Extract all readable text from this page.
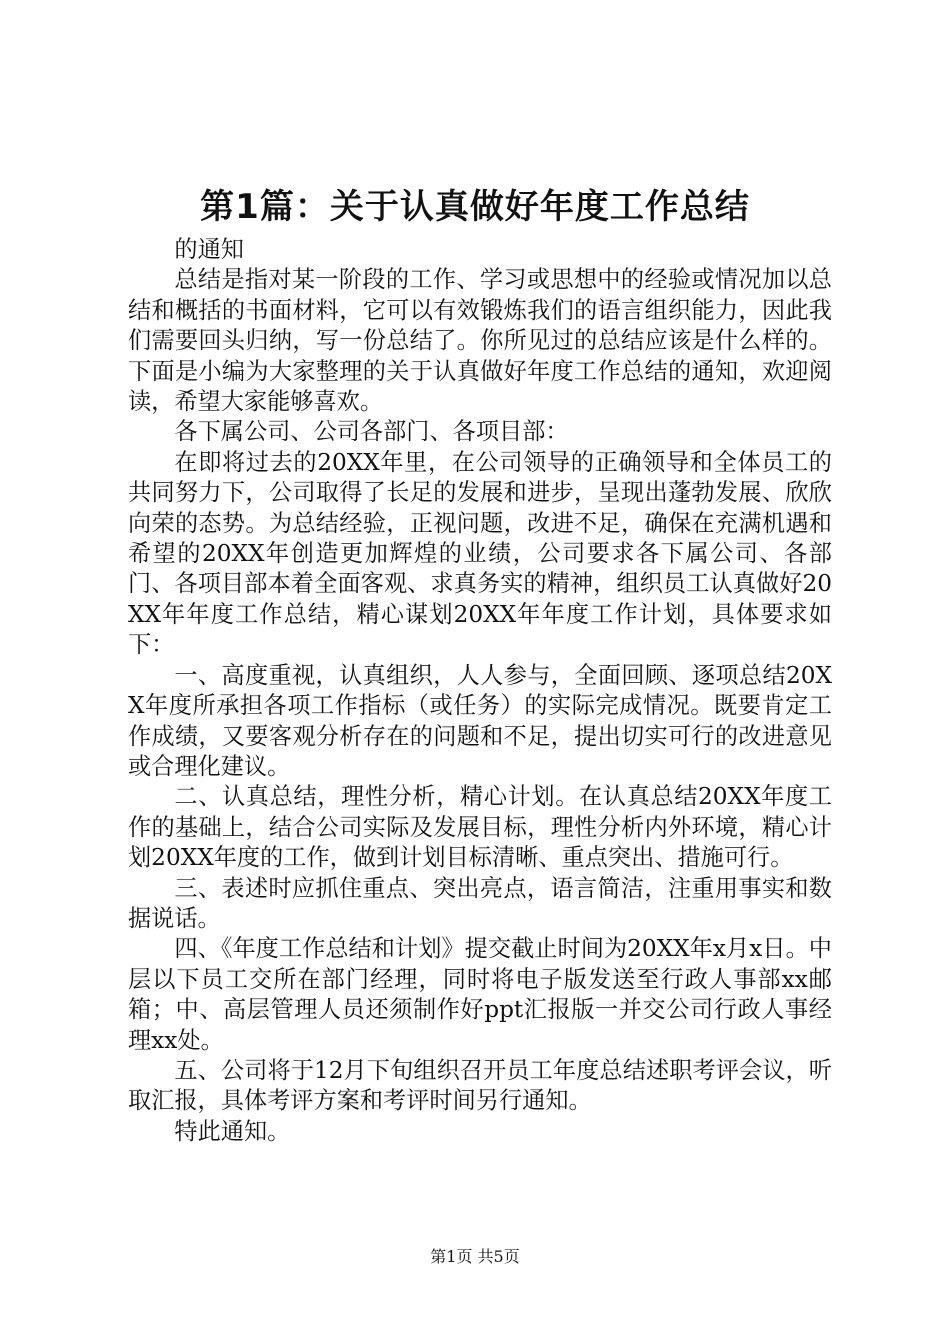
第1篇：关于认真做好年度工作总结

的通知

总结是指对某一阶段的工作、学习或思想中的经验或情况加以总结和概括的书面材料，它可以有效锻炼我们的语言组织能力，因此我们需要回头归纳，写一份总结了。你所见过的总结应该是什么样的。下面是小编为大家整理的关于认真做好年度工作总结的通知，欢迎阅读，希望大家能够喜欢。

各下属公司、公司各部门、各项目部：

在即将过去的20XX年里，在公司领导的正确领导和全体员工的共同努力下，公司取得了长足的发展和进步，呈现出蓬勃发展、欣欣向荣的态势。为总结经验，正视问题，改进不足，确保在充满机遇和希望的20XX年创造更加辉煌的业绩，公司要求各下属公司、各部门、各项目部本着全面客观、求真务实的精神，组织员工认真做好20XX年年度工作总结，精心谋划20XX年年度工作计划，具体要求如下：

一、高度重视，认真组织，人人参与，全面回顾、逐项总结20XX年度所承担各项工作指标（或任务）的实际完成情况。既要肯定工作成绩，又要客观分析存在的问题和不足，提出切实可行的改进意见或合理化建议。

二、认真总结，理性分析，精心计划。在认真总结20XX年度工作的基础上，结合公司实际及发展目标，理性分析内外环境，精心计划20XX年度的工作，做到计划目标清晰、重点突出、措施可行。

三、表述时应抓住重点、突出亮点，语言简洁，注重用事实和数据说话。

四、《年度工作总结和计划》提交截止时间为20XX年x月x日。中层以下员工交所在部门经理，同时将电子版发送至行政人事部xx邮箱；中、高层管理人员还须制作好ppt汇报版一并交公司行政人事经理xx处。

五、公司将于12月下旬组织召开员工年度总结述职考评会议，听取汇报，具体考评方案和考评时间另行通知。

特此通知。

第1页 共5页
